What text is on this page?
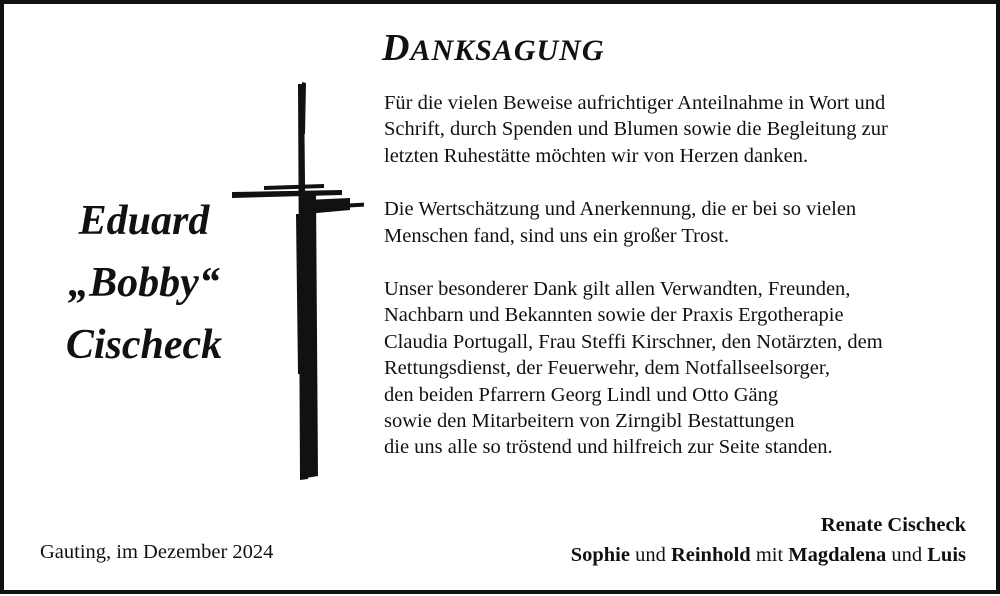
DANKSAGUNG
Eduard
„Bobby“
Cischeck
Für die vielen Beweise aufrichtiger Anteilnahme in Wort und
Schrift, durch Spenden und Blumen sowie die Begleitung zur
letzten Ruhestätte möchten wir von Herzen danken.
Die Wertschätzung und Anerkennung, die er bei so vielen
Menschen fand, sind uns ein großer Trost.
Unser besonderer Dank gilt allen Verwandten, Freunden,
Nachbarn und Bekannten sowie der Praxis Ergotherapie
Claudia Portugall, Frau Steffi Kirschner, den Notärzten, dem
Rettungsdienst, der Feuerwehr, dem Notfallseelsorger,
den beiden Pfarrern Georg Lindl und Otto Gäng
sowie den Mitarbeitern von Zirngibl Bestattungen
die uns alle so tröstend und hilfreich zur Seite standen.
Gauting, im Dezember 2024
Renate Cischeck
Sophie und Reinhold mit Magdalena und Luis
